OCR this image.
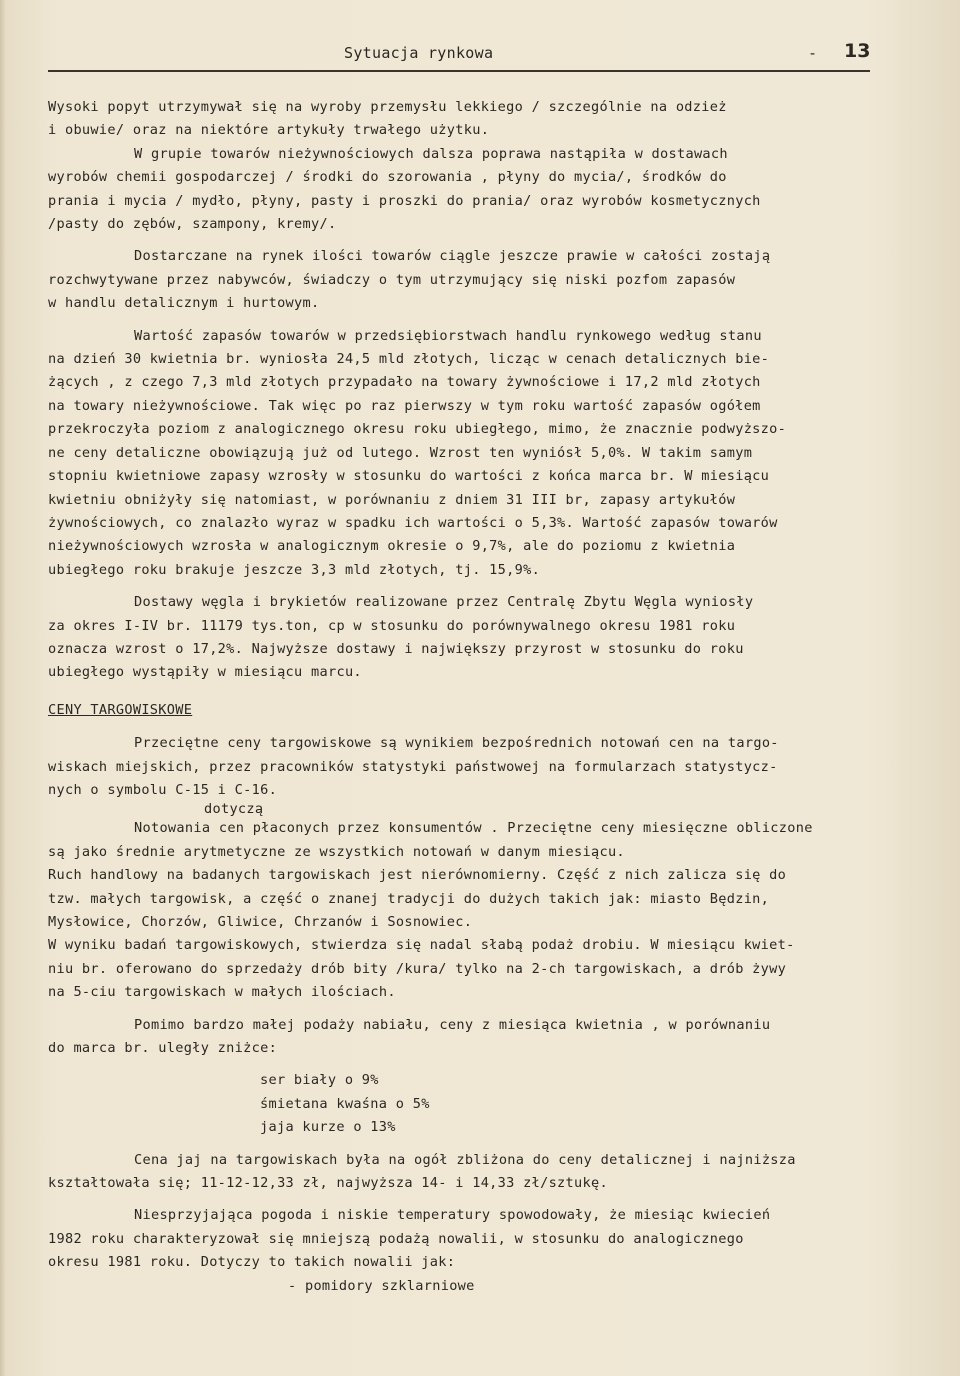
Sytuacja rynkowa	- 13

Wysoki popyt utrzymywał się na wyroby przemysłu lekkiego / szczególnie na odzież

i obuwie/ oraz na niektóre artykuły trwałego użytku.

W grupie towarów nieżywnościowych dalsza poprawa nastąpiła w dostawach

wyrobów chemii gospodarczej / środki do szorowania , płyny do mycia/, środków do

prania i mycia / mydło, płyny, pasty i proszki do prania/ oraz wyrobów kosmetycznych

/pasty do zębów, szampony, kremy/.

Dostarczane na rynek ilości towarów ciągle jeszcze prawie w całości zostają

rozchwytywane przez nabywców, świadczy o tym utrzymujący się niski pozfom zapasów

w handlu detalicznym i hurtowym.

Wartość zapasów towarów w przedsiębiorstwach handlu rynkowego według stanu

na dzień 30 kwietnia br. wyniosła 24,5 mld złotych, licząc w cenach detalicznych bie-

żących , z czego 7,3 mld złotych przypadało na towary żywnościowe i 17,2 mld złotych

na towary nieżywnościowe. Tak więc po raz pierwszy w tym roku wartość zapasów ogółem

przekroczyła poziom z analogicznego okresu roku ubiegłego, mimo, że znacznie podwyższo-

ne ceny detaliczne obowiązują już od lutego. Wzrost ten wyniósł 5,0%. W takim samym

stopniu kwietniowe zapasy wzrosły w stosunku do wartości z końca marca br. W miesiącu

kwietniu obniżyły się natomiast, w porównaniu z dniem 31 III br, zapasy artykułów

żywnościowych, co znalazło wyraz w spadku ich wartości o 5,3%. Wartość zapasów towarów

nieżywnościowych wzrosła w analogicznym okresie o 9,7%, ale do poziomu z kwietnia

ubiegłego roku brakuje jeszcze 3,3 mld złotych, tj. 15,9%.

Dostawy węgla i brykietów realizowane przez Centralę Zbytu Węgla wyniosły

za okres I-IV br. 11179 tys.ton, cp w stosunku do porównywalnego okresu 1981 roku

oznacza wzrost o 17,2%. Najwyższe dostawy i największy przyrost w stosunku do roku

ubiegłego wystąpiły w miesiącu marcu.

CENY TARGOWISKOWE

Przeciętne ceny targowiskowe są wynikiem bezpośrednich notowań cen na targo-

wiskach miejskich, przez pracowników statystyki państwowej na formularzach statystycz-

nych o symbolu C-15 i C-16.

dotyczą

Notowania cen płaconych przez konsumentów . Przeciętne ceny miesięczne obliczone

są jako średnie arytmetyczne ze wszystkich notowań w danym miesiącu.

Ruch handlowy na badanych targowiskach jest nierównomierny. Część z nich zalicza się do

tzw. małych targowisk, a część o znanej tradycji do dużych takich jak: miasto Będzin,

Mysłowice, Chorzów, Gliwice, Chrzanów i Sosnowiec.

W wyniku badań targowiskowych, stwierdza się nadal słabą podaż drobiu. W miesiącu kwiet-

niu br. oferowano do sprzedaży drób bity /kura/ tylko na 2-ch targowiskach, a drób żywy

na 5-ciu targowiskach w małych ilościach.

Pomimo bardzo małej podaży nabiału, ceny z miesiąca kwietnia , w porównaniu

do marca br. uległy zniżce:

ser biały o 9%

śmietana kwaśna o 5%

jaja kurze o 13%

Cena jaj na targowiskach była na ogół zbliżona do ceny detalicznej i najniższa

kształtowała się; 11-12-12,33 zł, najwyższa 14- i 14,33 zł/sztukę.

Niesprzyjająca pogoda i niskie temperatury spowodowały, że miesiąc kwiecień

1982 roku charakteryzował się mniejszą podażą nowalii, w stosunku do analogicznego

okresu 1981 roku. Dotyczy to takich nowalii jak:

- pomidory szklarniowe
